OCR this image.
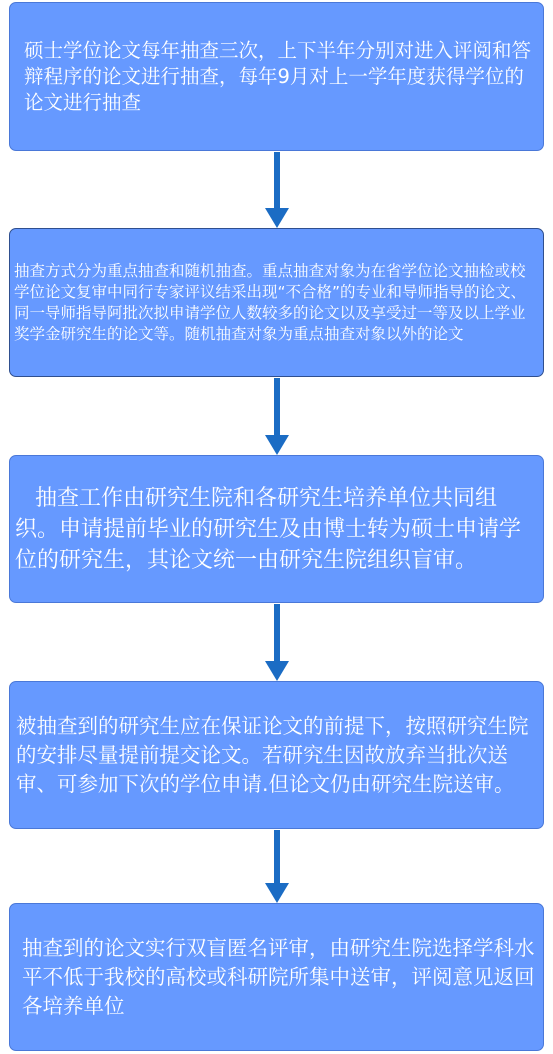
硕士学位论文每年抽查三次，上下半年分别对进入评阅和答辩程序的论文进行抽查，每年9月对上一学年度获得学位的论文进行抽查

抽查方式分为重点抽查和随机抽查。重点抽查对象为在省学位论文抽检或校学位论文复审中同行专家评议结采出现“不合格”的专业和导师指导的论文、同一导师指导阿批次拟申请学位人数较多的论文以及享受过一等及以上学业奖学金研究生的论文等。随机抽查对象为重点抽查对象以外的论文

抽查工作由研究生院和各研究生培养单位共同组织。申请提前毕业的研究生及由博士转为硕士申请学位的研究生，其论文统一由研究生院组织盲审。

被抽查到的研究生应在保证论文的前提下，按照研究生院的安排尽量提前提交论文。若研究生因故放弃当批次送审、可参加下次的学位申请.但论文仍由研究生院送审。

抽查到的论文实行双盲匿名评审，由研究生院选择学科水平不低于我校的高校或科研院所集中送审，评阅意见返回各培养单位
